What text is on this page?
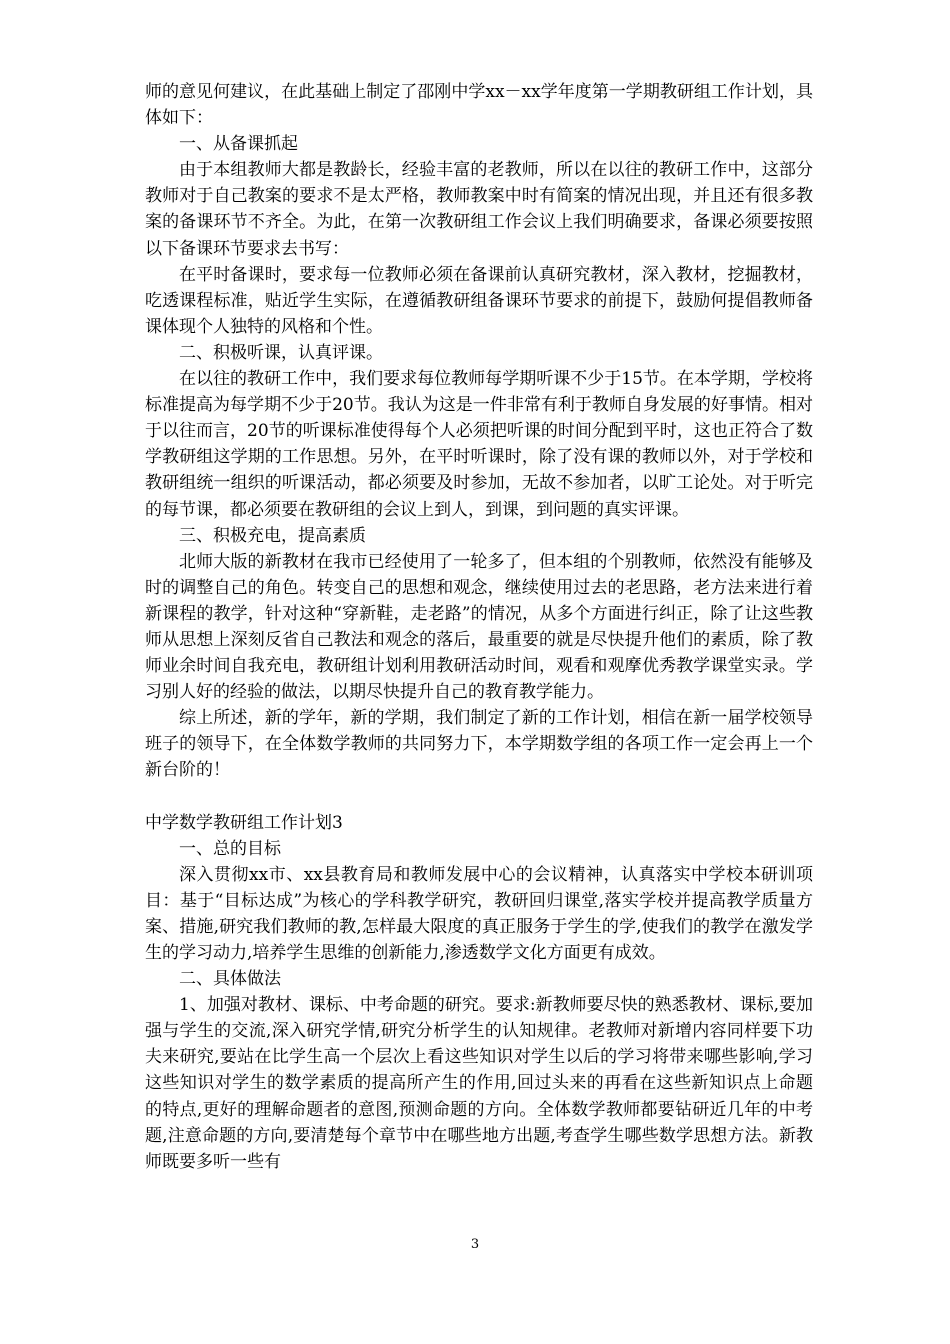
师的意见何建议，在此基础上制定了邵刚中学xx－xx学年度第一学期教研组工作计划，具体如下：

一、从备课抓起

由于本组教师大都是教龄长，经验丰富的老教师，所以在以往的教研工作中，这部分教师对于自己教案的要求不是太严格，教师教案中时有简案的情况出现，并且还有很多教案的备课环节不齐全。为此，在第一次教研组工作会议上我们明确要求，备课必须要按照以下备课环节要求去书写：

在平时备课时，要求每一位教师必须在备课前认真研究教材，深入教材，挖掘教材，吃透课程标准，贴近学生实际，在遵循教研组备课环节要求的前提下，鼓励何提倡教师备课体现个人独特的风格和个性。

二、积极听课，认真评课。

在以往的教研工作中，我们要求每位教师每学期听课不少于15节。在本学期，学校将标准提高为每学期不少于20节。我认为这是一件非常有利于教师自身发展的好事情。相对于以往而言，20节的听课标准使得每个人必须把听课的时间分配到平时，这也正符合了数学教研组这学期的工作思想。另外，在平时听课时，除了没有课的教师以外，对于学校和教研组统一组织的听课活动，都必须要及时参加，无故不参加者，以旷工论处。对于听完的每节课，都必须要在教研组的会议上到人，到课，到问题的真实评课。

三、积极充电，提高素质

北师大版的新教材在我市已经使用了一轮多了，但本组的个别教师，依然没有能够及时的调整自己的角色。转变自己的思想和观念，继续使用过去的老思路，老方法来进行着新课程的教学，针对这种“穿新鞋，走老路”的情况，从多个方面进行纠正，除了让这些教师从思想上深刻反省自己教法和观念的落后，最重要的就是尽快提升他们的素质，除了教师业余时间自我充电，教研组计划利用教研活动时间，观看和观摩优秀教学课堂实录。学习别人好的经验的做法，以期尽快提升自己的教育教学能力。

综上所述，新的学年，新的学期，我们制定了新的工作计划，相信在新一届学校领导班子的领导下，在全体数学教师的共同努力下，本学期数学组的各项工作一定会再上一个新台阶的！

中学数学教研组工作计划3

一、总的目标

深入贯彻xx市、xx县教育局和教师发展中心的会议精神，认真落实中学校本研训项目：基于“目标达成”为核心的学科教学研究，教研回归课堂,落实学校并提高教学质量方案、措施,研究我们教师的教,怎样最大限度的真正服务于学生的学,使我们的教学在激发学生的学习动力,培养学生思维的创新能力,渗透数学文化方面更有成效。

二、具体做法

1、加强对教材、课标、中考命题的研究。要求:新教师要尽快的熟悉教材、课标,要加强与学生的交流,深入研究学情,研究分析学生的认知规律。老教师对新增内容同样要下功夫来研究,要站在比学生高一个层次上看这些知识对学生以后的学习将带来哪些影响,学习这些知识对学生的数学素质的提高所产生的作用,回过头来的再看在这些新知识点上命题的特点,更好的理解命题者的意图,预测命题的方向。全体数学教师都要钻研近几年的中考题,注意命题的方向,要清楚每个章节中在哪些地方出题,考查学生哪些数学思想方法。新教师既要多听一些有

3
